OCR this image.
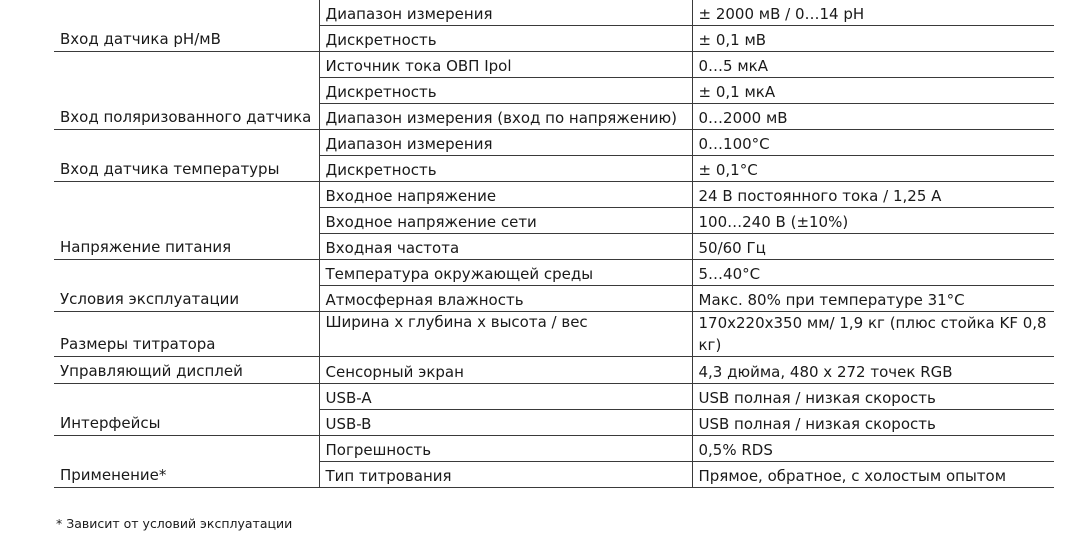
Вход датчика pH/мВ	Диапазон измерения	± 2000 мВ / 0…14 pH
	Дискретность	± 0,1 мВ
Вход поляризованного датчика	Источник тока ОВП Ipol	0…5 мкА
	Дискретность	± 0,1 мкА
	Диапазон измерения (вход по напряжению)	0…2000 мВ
Вход датчика температуры	Диапазон измерения	0…100°С
	Дискретность	± 0,1°С
Напряжение питания	Входное напряжение	24 В постоянного тока / 1,25 А
	Входное напряжение сети	100…240 В (±10%)
	Входная частота	50/60 Гц
Условия эксплуатации	Температура окружающей среды	5…40°С
	Атмосферная влажность	Макс. 80% при температуре 31°С
Размеры титратора	Ширина х глубина х высота / вес	170х220х350 мм/ 1,9 кг (плюс стойка KF 0,8 кг)
Управляющий дисплей	Сенсорный экран	4,3 дюйма, 480 х 272 точек RGB
Интерфейсы	USB-A	USB полная / низкая скорость
	USB-B	USB полная / низкая скорость
Применение*	Погрешность	0,5% RDS
	Тип титрования	Прямое, обратное, с холостым опытом
* Зависит от условий эксплуатации
